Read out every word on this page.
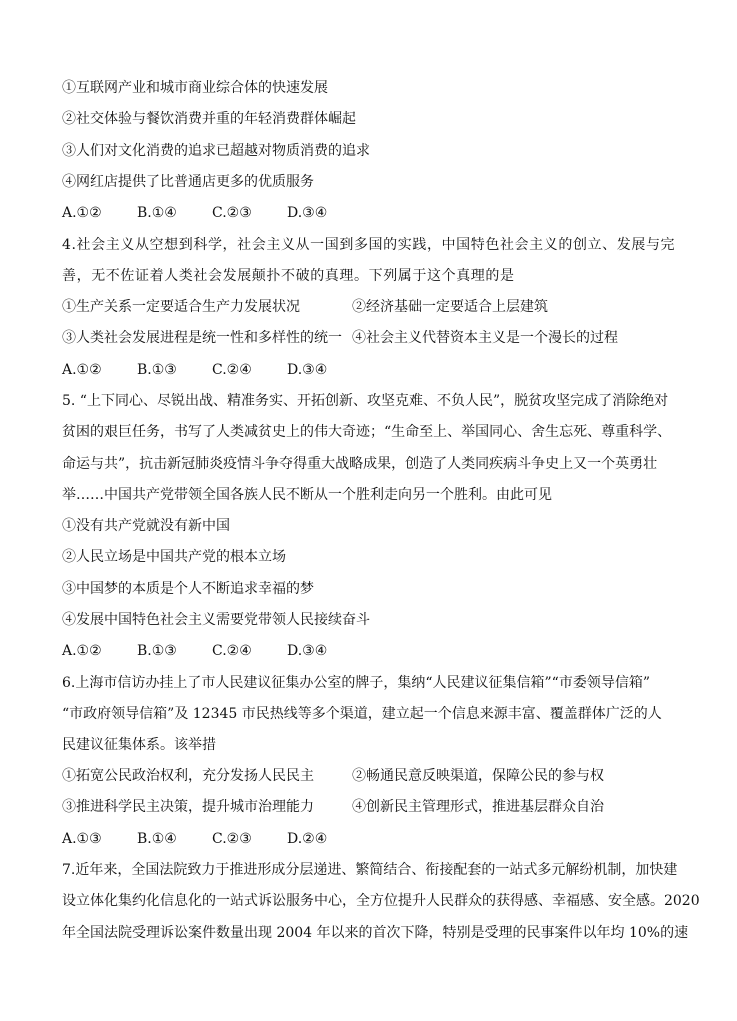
①互联网产业和城市商业综合体的快速发展
②社交体验与餐饮消费并重的年轻消费群体崛起
③人们对文化消费的追求已超越对物质消费的追求
④网红店提供了比普通店更多的优质服务
A.①②	B.①④	C.②③	D.③④
4.社会主义从空想到科学，社会主义从一国到多国的实践，中国特色社会主义的创立、发展与完
善，无不佐证着人类社会发展颠扑不破的真理。下列属于这个真理的是
①生产关系一定要适合生产力发展状况	②经济基础一定要适合上层建筑
③人类社会发展进程是统一性和多样性的统一 ④社会主义代替资本主义是一个漫长的过程
A.①②	B.①③	C.②④	D.③④
5. “上下同心、尽锐出战、精准务实、开拓创新、攻坚克难、不负人民”，脱贫攻坚完成了消除绝对
贫困的艰巨任务，书写了人类减贫史上的伟大奇迹；“生命至上、举国同心、舍生忘死、尊重科学、
命运与共”，抗击新冠肺炎疫情斗争夺得重大战略成果，创造了人类同疾病斗争史上又一个英勇壮
举……中国共产党带领全国各族人民不断从一个胜利走向另一个胜利。由此可见
①没有共产党就没有新中国
②人民立场是中国共产党的根本立场
③中国梦的本质是个人不断追求幸福的梦
④发展中国特色社会主义需要党带领人民接续奋斗
A.①②	B.①③	C.②④	D.③④
6.上海市信访办挂上了市人民建议征集办公室的牌子，集纳“人民建议征集信箱”“市委领导信箱”
“市政府领导信箱”及 12345 市民热线等多个渠道，建立起一个信息来源丰富、覆盖群体广泛的人
民建议征集体系。该举措
①拓宽公民政治权利，充分发扬人民民主	②畅通民意反映渠道，保障公民的参与权
③推进科学民主决策，提升城市治理能力	④创新民主管理形式，推进基层群众自治
A.①③	B.①④	C.②③	D.②④
7.近年来，全国法院致力于推进形成分层递进、繁简结合、衔接配套的一站式多元解纷机制，加快建
设立体化集约化信息化的一站式诉讼服务中心，全方位提升人民群众的获得感、幸福感、安全感。2020
年全国法院受理诉讼案件数量出现 2004 年以来的首次下降，特别是受理的民事案件以年均 10%的速
